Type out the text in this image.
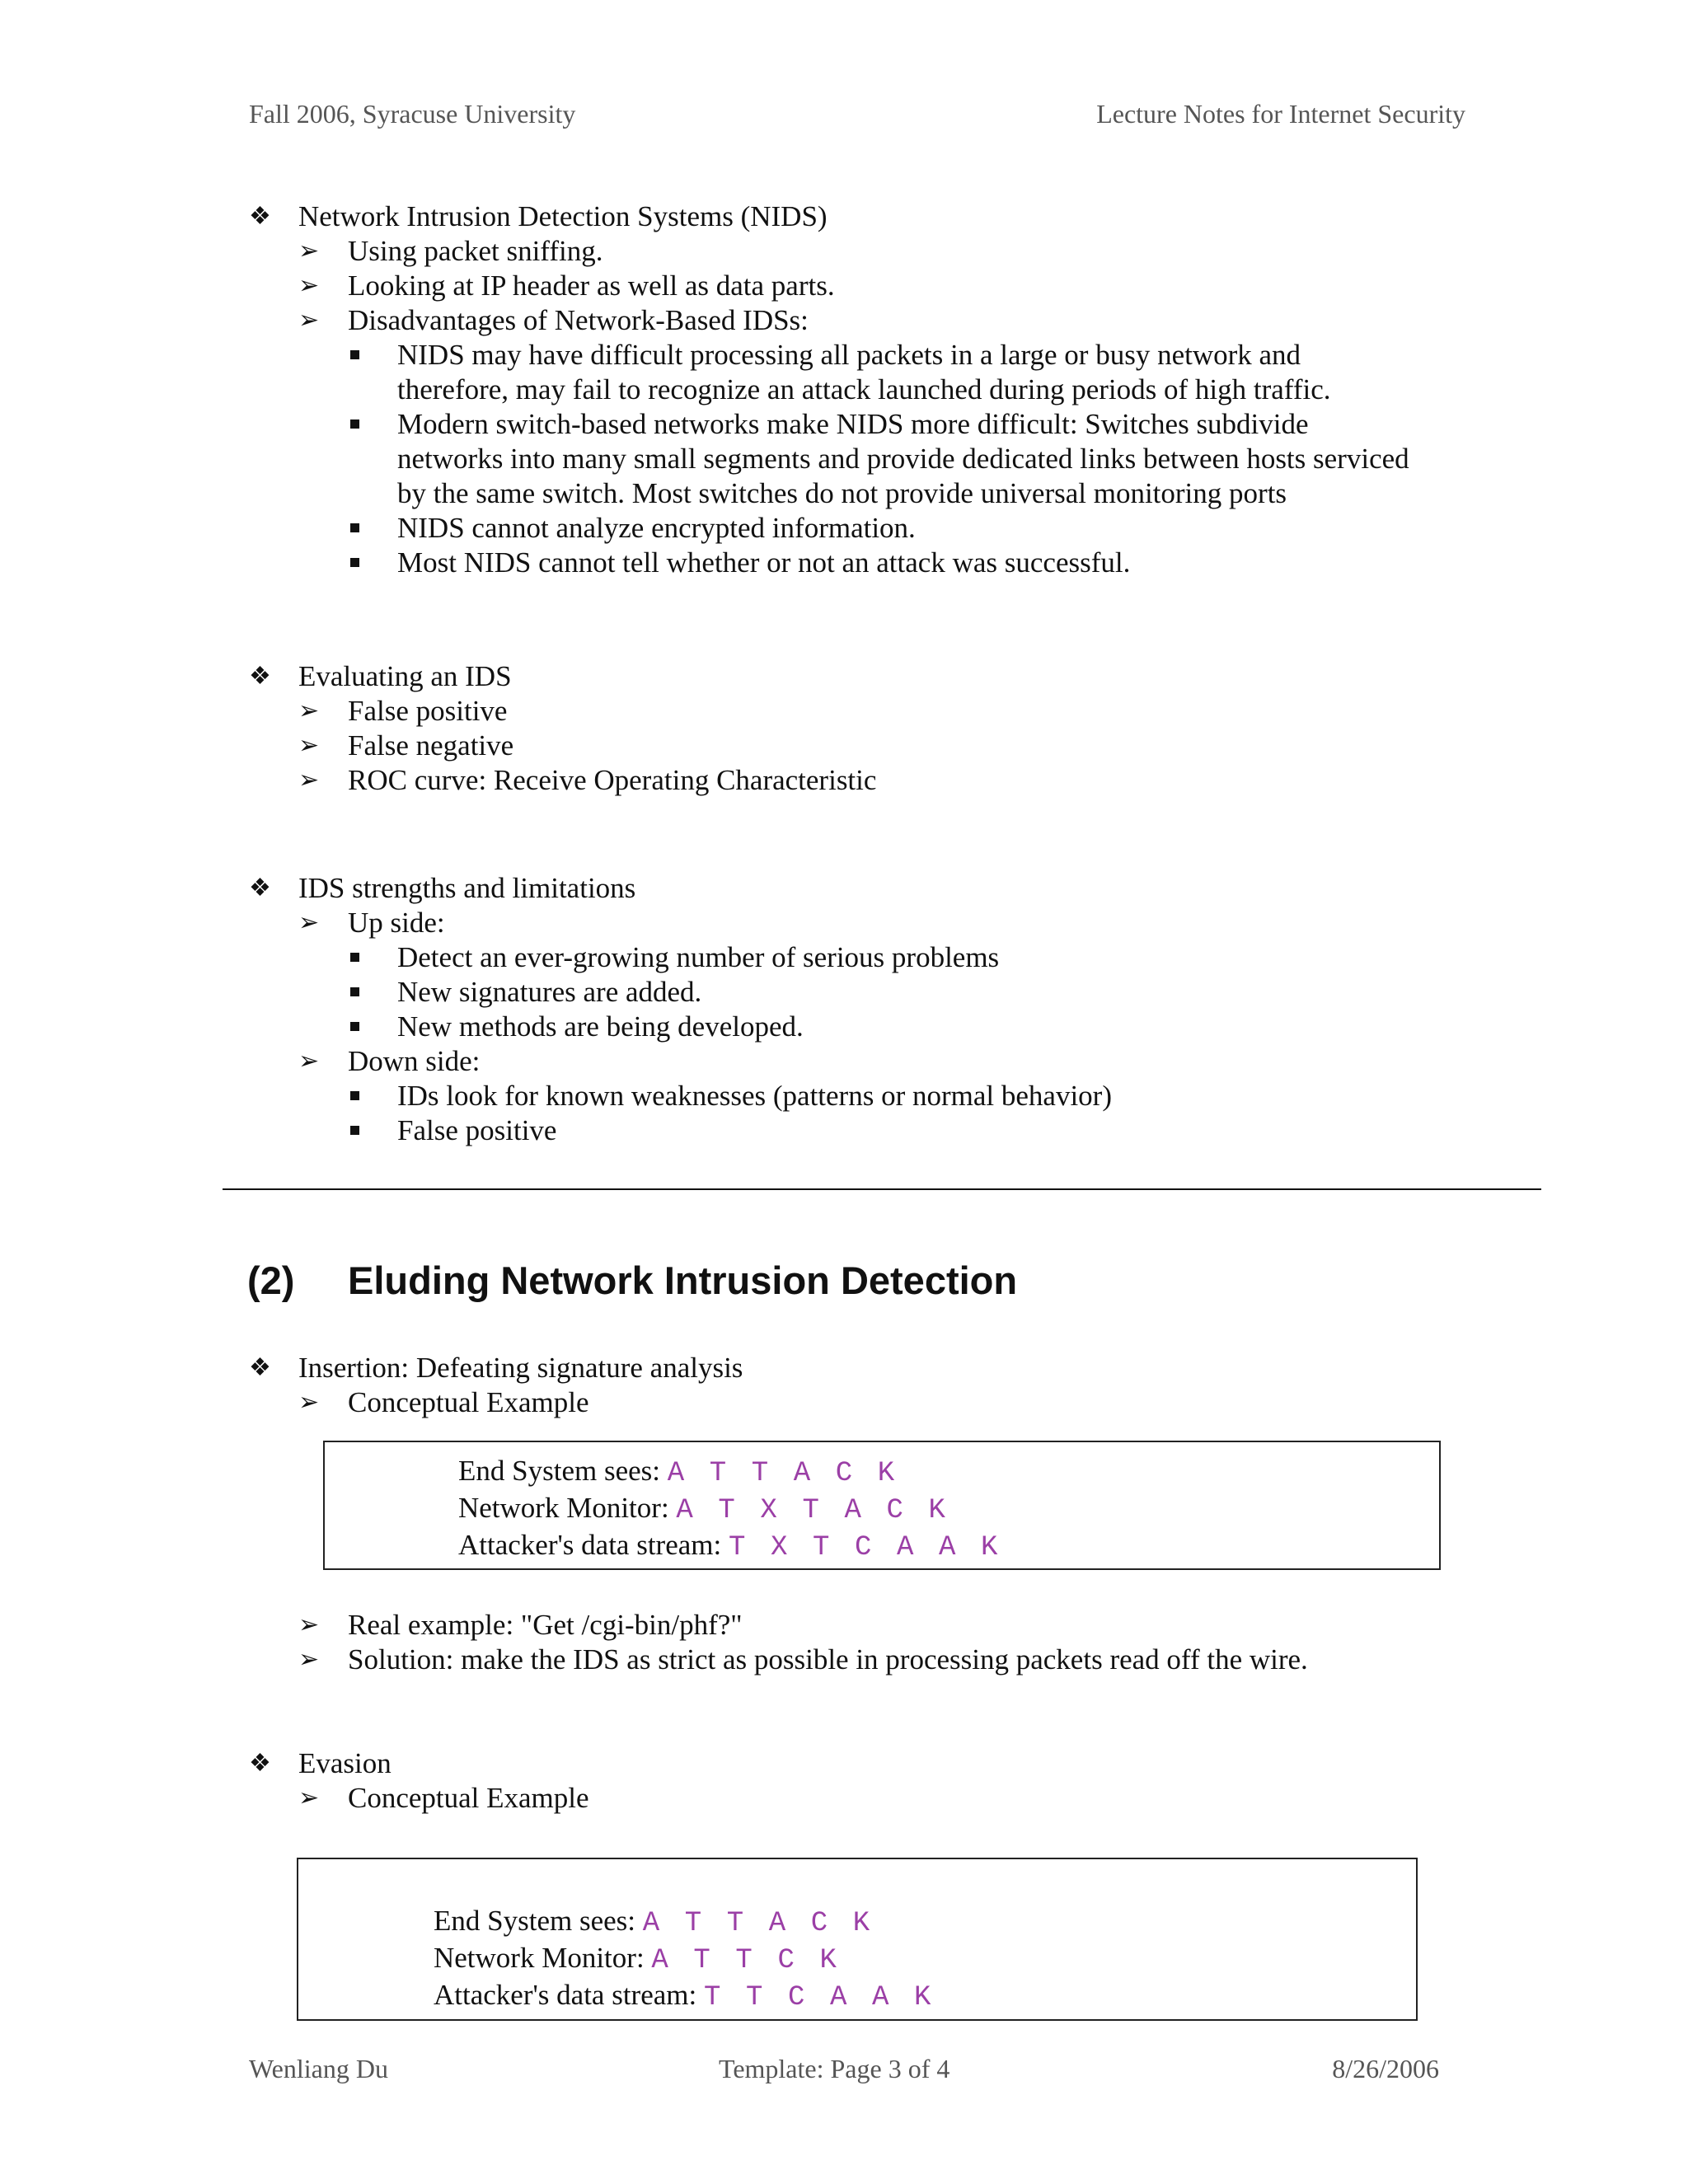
Fall 2006, Syracuse University	Lecture Notes for Internet Security
❖ Network Intrusion Detection Systems (NIDS)
➢ Using packet sniffing.
➢ Looking at IP header as well as data parts.
➢ Disadvantages of Network-Based IDSs:
NIDS may have difficult processing all packets in a large or busy network and
therefore, may fail to recognize an attack launched during periods of high traffic.
Modern switch-based networks make NIDS more difficult: Switches subdivide
networks into many small segments and provide dedicated links between hosts serviced
by the same switch. Most switches do not provide universal monitoring ports
NIDS cannot analyze encrypted information.
Most NIDS cannot tell whether or not an attack was successful.
❖ Evaluating an IDS
➢ False positive
➢ False negative
➢ ROC curve: Receive Operating Characteristic
❖ IDS strengths and limitations
➢ Up side:
Detect an ever-growing number of serious problems
New signatures are added.
New methods are being developed.
➢ Down side:
IDs look for known weaknesses (patterns or normal behavior)
False positive
(2) Eluding Network Intrusion Detection
❖ Insertion: Defeating signature analysis
➢ Conceptual Example
End System sees: A T T A C K
Network Monitor: A T X T A C K
Attacker's data stream: T X T C A A K
➢ Real example: "Get /cgi-bin/phf?"
➢ Solution: make the IDS as strict as possible in processing packets read off the wire.
❖ Evasion
➢ Conceptual Example
End System sees: A T T A C K
Network Monitor: A T T C K
Attacker's data stream: T T C A A K
Wenliang Du	Template: Page 3 of 4	8/26/2006
